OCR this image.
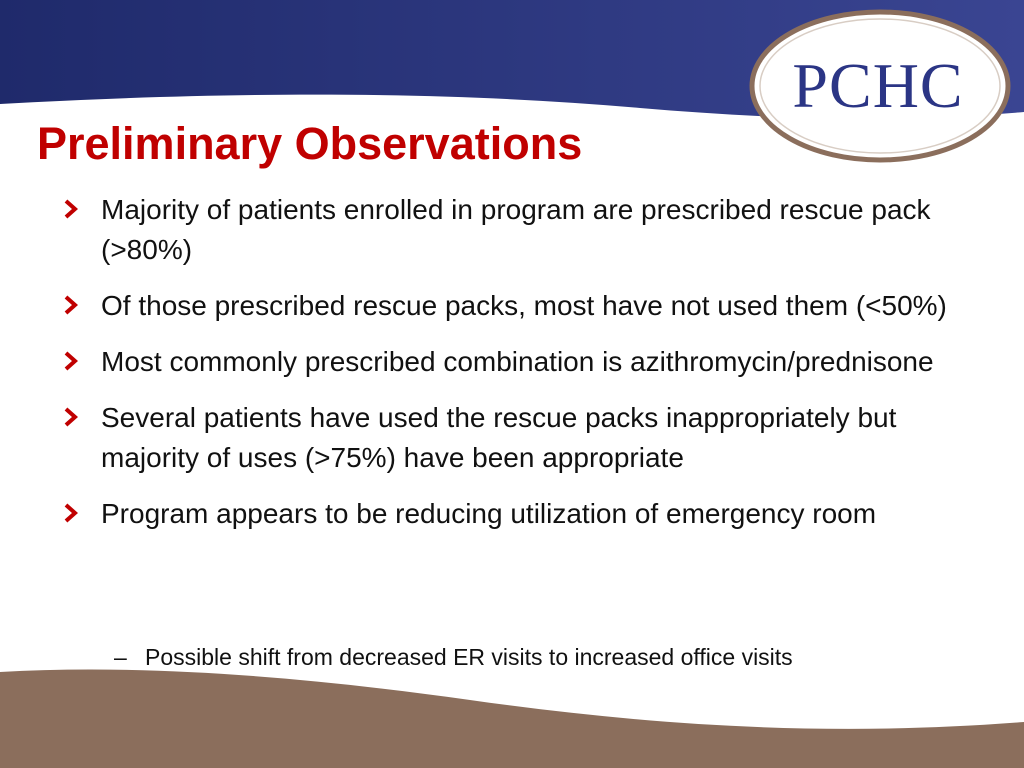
PCHC
Preliminary Observations
Majority of patients enrolled in program are prescribed rescue pack (>80%)
Of those prescribed rescue packs, most have not used them (<50%)
Most commonly prescribed combination is azithromycin/prednisone
Several patients have used the rescue packs inappropriately but majority of uses (>75%) have been appropriate
Program appears to be reducing utilization of emergency room
– Possible shift from decreased ER visits to increased office visits
